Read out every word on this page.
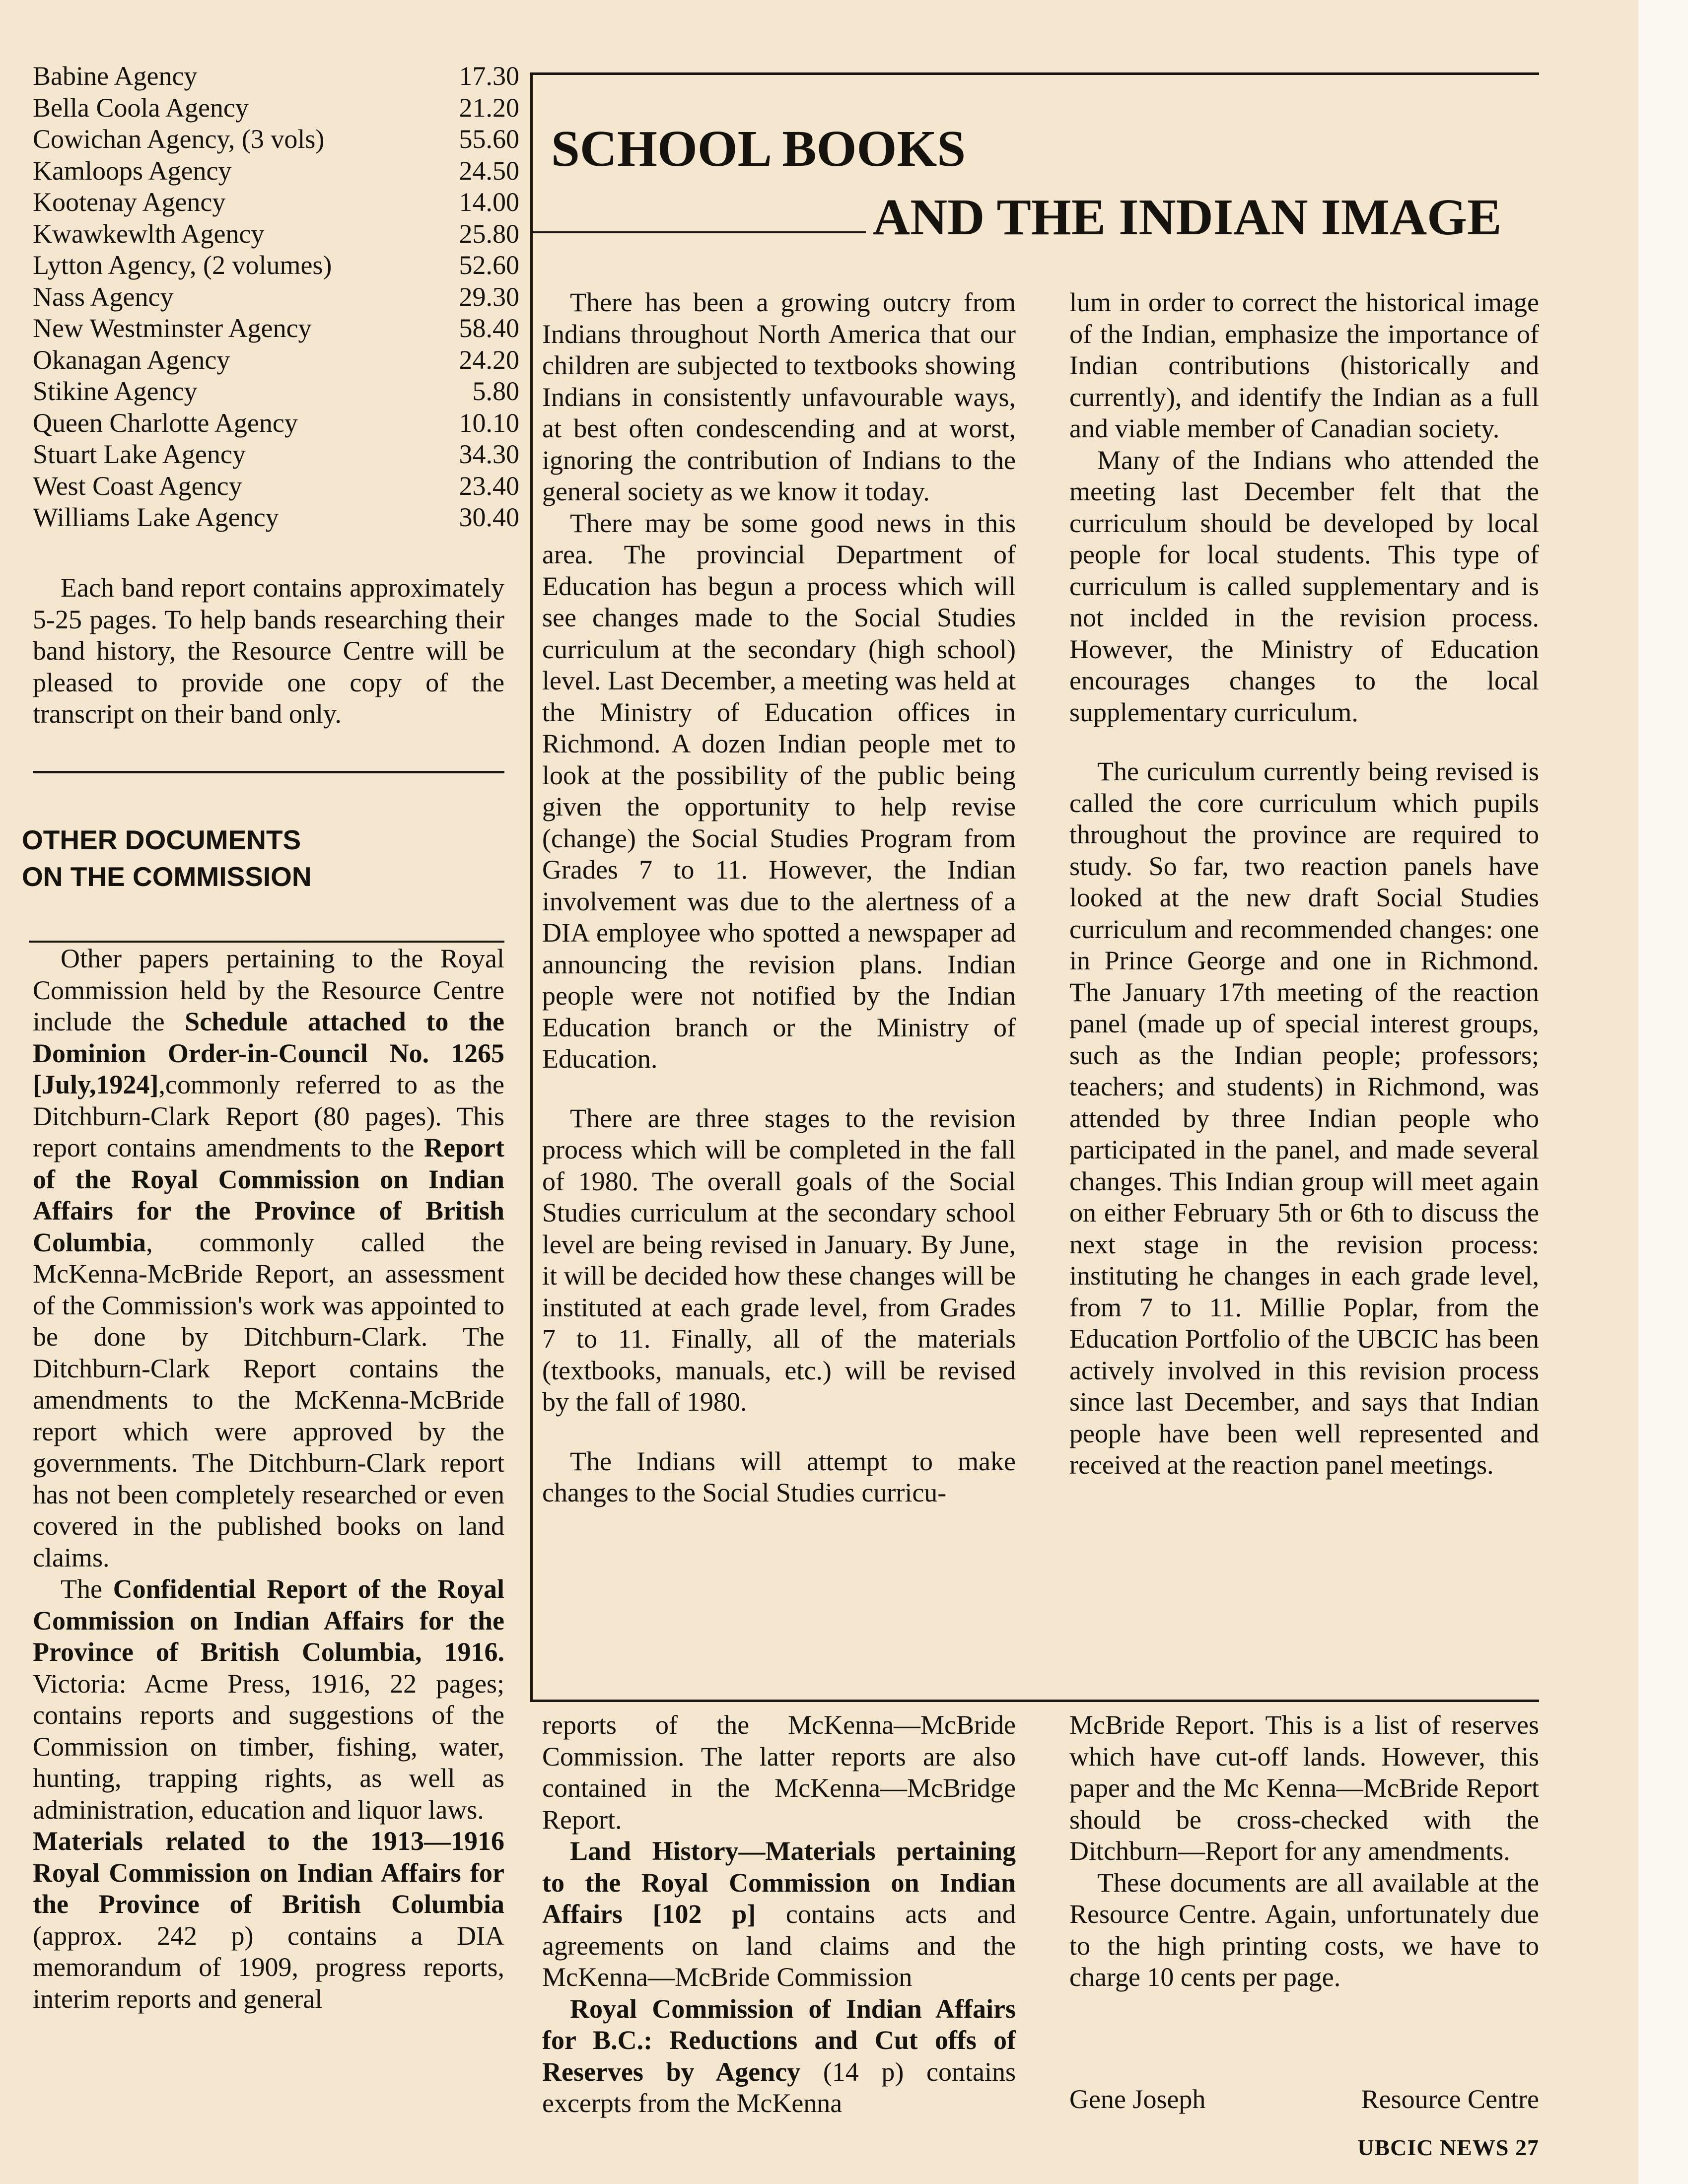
Babine Agency	17.30
Bella Coola Agency	21.20
Cowichan Agency, (3 vols)	55.60
Kamloops Agency	24.50
Kootenay Agency	14.00
Kwawkewlth Agency	25.80
Lytton Agency, (2 volumes)	52.60
Nass Agency	29.30
New Westminster Agency	58.40
Okanagan Agency	24.20
Stikine Agency	5.80
Queen Charlotte Agency	10.10
Stuart Lake Agency	34.30
West Coast Agency	23.40
Williams Lake Agency	30.40

Each band report contains approximately 5-25 pages. To help bands researching their band history, the Resource Centre will be pleased to provide one copy of the transcript on their band only.

OTHER DOCUMENTS
ON THE COMMISSION

Other papers pertaining to the Royal Commission held by the Resource Centre include the Schedule attached to the Dominion Order-in-Council No. 1265 [July,1924],commonly referred to as the Ditchburn-Clark Report (80 pages). This report contains amendments to the Report of the Royal Commission on Indian Affairs for the Province of British Columbia, commonly called the McKenna-McBride Report, an assessment of the Commission's work was appointed to be done by Ditchburn-Clark. The Ditchburn-Clark Report contains the amendments to the McKenna-McBride report which were approved by the governments. The Ditchburn-Clark report has not been completely researched or even covered in the published books on land claims.

The Confidential Report of the Royal Commission on Indian Affairs for the Province of British Columbia, 1916. Victoria: Acme Press, 1916, 22 pages; contains reports and suggestions of the Commission on timber, fishing, water, hunting, trapping rights, as well as administration, education and liquor laws.

Materials related to the 1913—1916 Royal Commission on Indian Affairs for the Province of British Columbia (approx. 242 p) contains a DIA memorandum of 1909, progress reports, interim reports and general

SCHOOL BOOKS
AND THE INDIAN IMAGE

There has been a growing outcry from Indians throughout North America that our children are subjected to textbooks showing Indians in consistently unfavourable ways, at best often condescending and at worst, ignoring the contribution of Indians to the general society as we know it today.

There may be some good news in this area. The provincial Department of Education has begun a process which will see changes made to the Social Studies curriculum at the secondary (high school) level. Last December, a meeting was held at the Ministry of Education offices in Richmond. A dozen Indian people met to look at the possibility of the public being given the opportunity to help revise (change) the Social Studies Program from Grades 7 to 11. However, the Indian involvement was due to the alertness of a DIA employee who spotted a newspaper ad announcing the revision plans. Indian people were not notified by the Indian Education branch or the Ministry of Education.

There are three stages to the revision process which will be completed in the fall of 1980. The overall goals of the Social Studies curriculum at the secondary school level are being revised in January. By June, it will be decided how these changes will be instituted at each grade level, from Grades 7 to 11. Finally, all of the materials (textbooks, manuals, etc.) will be revised by the fall of 1980.

The Indians will attempt to make changes to the Social Studies curricu-

lum in order to correct the historical image of the Indian, emphasize the importance of Indian contributions (historically and currently), and identify the Indian as a full and viable member of Canadian society.

Many of the Indians who attended the meeting last December felt that the curriculum should be developed by local people for local students. This type of curriculum is called supplementary and is not inclded in the revision process. However, the Ministry of Education encourages changes to the local supplementary curriculum.

The curiculum currently being revised is called the core curriculum which pupils throughout the province are required to study. So far, two reaction panels have looked at the new draft Social Studies curriculum and recommended changes: one in Prince George and one in Richmond. The January 17th meeting of the reaction panel (made up of special interest groups, such as the Indian people; professors; teachers; and students) in Richmond, was attended by three Indian people who participated in the panel, and made several changes. This Indian group will meet again on either February 5th or 6th to discuss the next stage in the revision process: instituting he changes in each grade level, from 7 to 11. Millie Poplar, from the Education Portfolio of the UBCIC has been actively involved in this revision process since last December, and says that Indian people have been well represented and received at the reaction panel meetings.

reports of the McKenna—McBride Commission. The latter reports are also contained in the McKenna—McBridge Report.

Land History—Materials pertaining to the Royal Commission on Indian Affairs [102 p] contains acts and agreements on land claims and the McKenna—McBride Commission

Royal Commission of Indian Affairs for B.C.: Reductions and Cut offs of Reserves by Agency (14 p) contains excerpts from the McKenna

McBride Report. This is a list of reserves which have cut-off lands. However, this paper and the Mc Kenna—McBride Report should be cross-checked with the Ditchburn—Report for any amendments.

These documents are all available at the Resource Centre. Again, unfortunately due to the high printing costs, we have to charge 10 cents per page.

Gene Joseph	Resource Centre
UBCIC NEWS 27
